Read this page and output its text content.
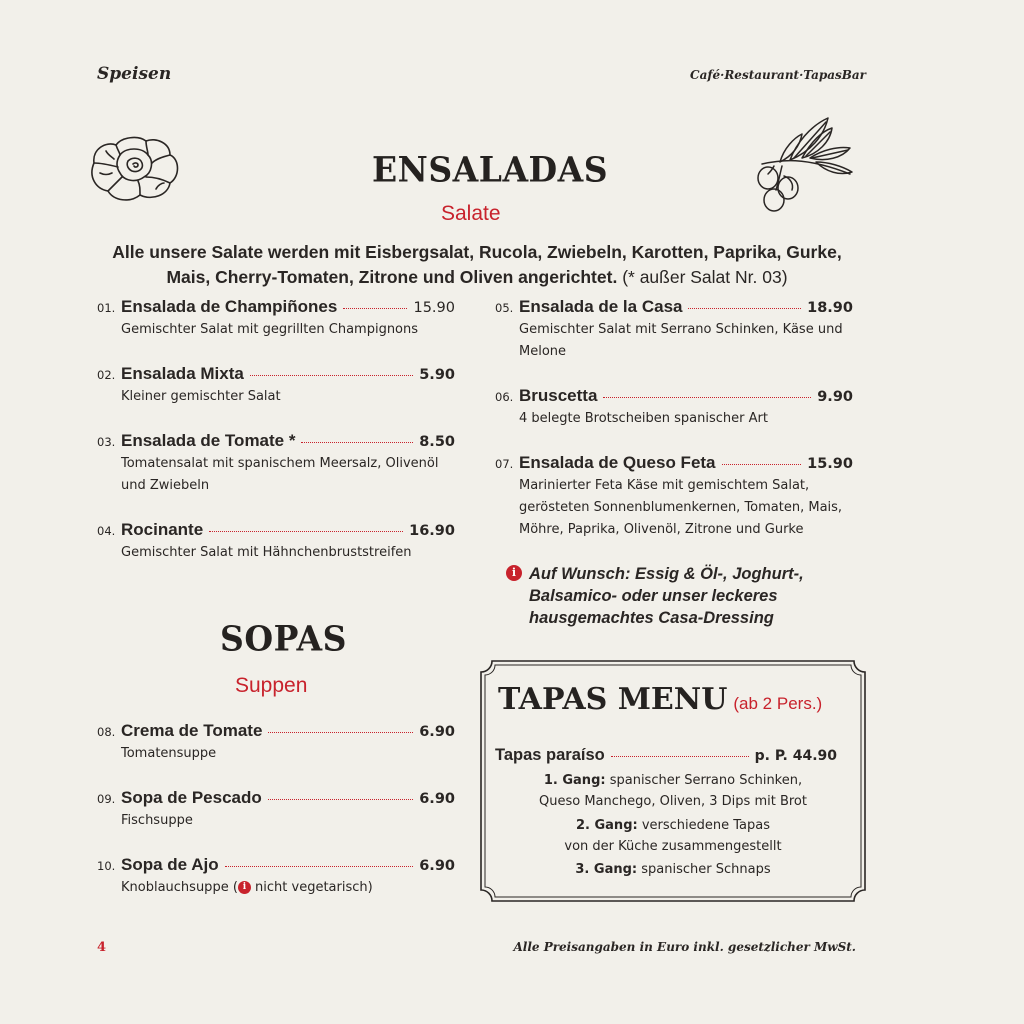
Speisen	Café·Restaurant·TapasBar
ENSALADAS
Salate
Alle unsere Salate werden mit Eisbergsalat, Rucola, Zwiebeln, Karotten, Paprika, Gurke, Mais, Cherry-Tomaten, Zitrone und Oliven angerichtet. (* außer Salat Nr. 03)
01. Ensalada de Champiñones	15.90
Gemischter Salat mit gegrillten Champignons
02. Ensalada Mixta	5.90
Kleiner gemischter Salat
03. Ensalada de Tomate *	8.50
Tomatensalat mit spanischem Meersalz, Olivenöl und Zwiebeln
04. Rocinante	16.90
Gemischter Salat mit Hähnchenbruststreifen
05. Ensalada de la Casa	18.90
Gemischter Salat mit Serrano Schinken, Käse und Melone
06. Bruscetta	9.90
4 belegte Brotscheiben spanischer Art
07. Ensalada de Queso Feta	15.90
Marinierter Feta Käse mit gemischtem Salat, gerösteten Sonnenblumenkernen, Tomaten, Mais, Möhre, Paprika, Olivenöl, Zitrone und Gurke
i Auf Wunsch: Essig & Öl-, Joghurt-, Balsamico- oder unser leckeres hausgemachtes Casa-Dressing
SOPAS
Suppen
08. Crema de Tomate	6.90
Tomatensuppe
09. Sopa de Pescado	6.90
Fischsuppe
10. Sopa de Ajo	6.90
Knoblauchsuppe ( i nicht vegetarisch)
TAPAS MENU (ab 2 Pers.)
Tapas paraíso	p. P. 44.90
1. Gang: spanischer Serrano Schinken,
Queso Manchego, Oliven, 3 Dips mit Brot
2. Gang: verschiedene Tapas
von der Küche zusammengestellt
3. Gang: spanischer Schnaps
4	Alle Preisangaben in Euro inkl. gesetzlicher MwSt.
